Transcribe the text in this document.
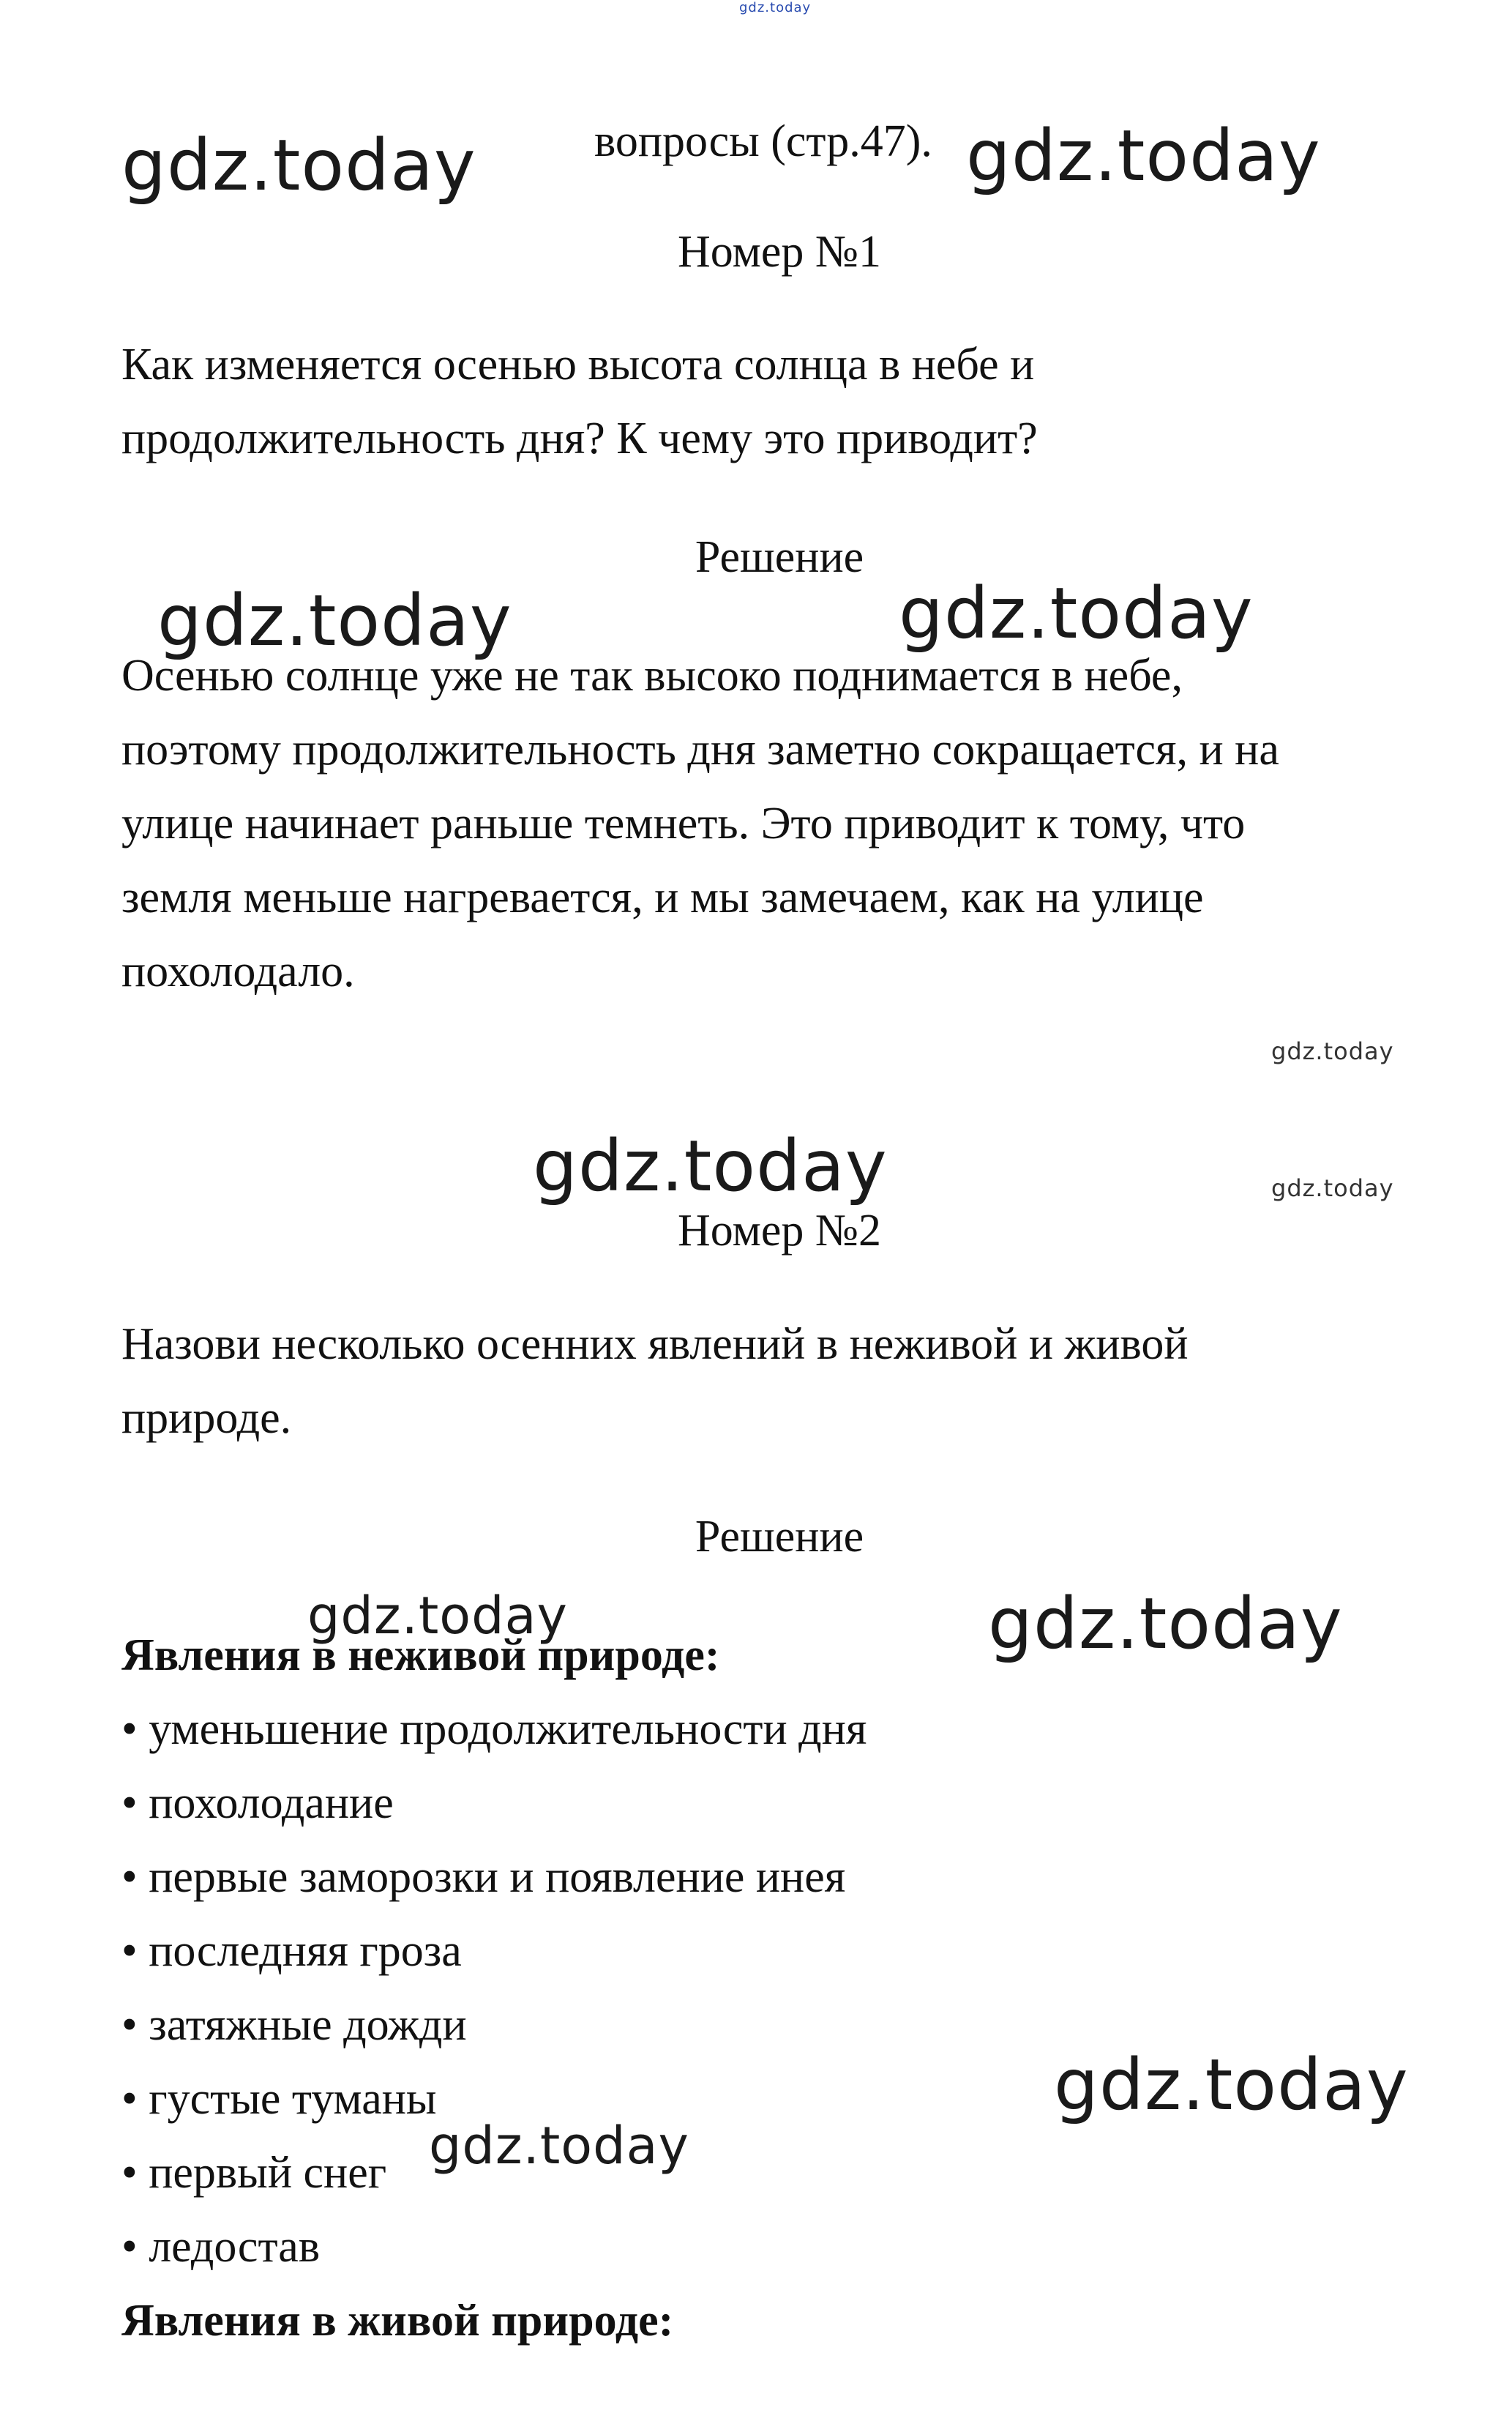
gdz.today
вопросы (стр.47).
Номер №1
Как изменяется осенью высота солнца в небе и
продолжительность дня? К чему это приводит?
Решение
Осенью солнце уже не так высоко поднимается в небе,
поэтому продолжительность дня заметно сокращается, и на
улице начинает раньше темнеть. Это приводит к тому, что
земля меньше нагревается, и мы замечаем, как на улице
похолодало.
Номер №2
Назови несколько осенних явлений в неживой и живой
природе.
Решение
Явления в неживой природе:
• уменьшение продолжительности дня
• похолодание
• первые заморозки и появление инея
• последняя гроза
• затяжные дожди
• густые туманы
• первый снег
• ледостав
Явления в живой природе:
gdz.today	gdz.today
gdz.today	gdz.today
gdz.today
gdz.today	gdz.today
gdz.today	gdz.today
gdz.today
gdz.today
